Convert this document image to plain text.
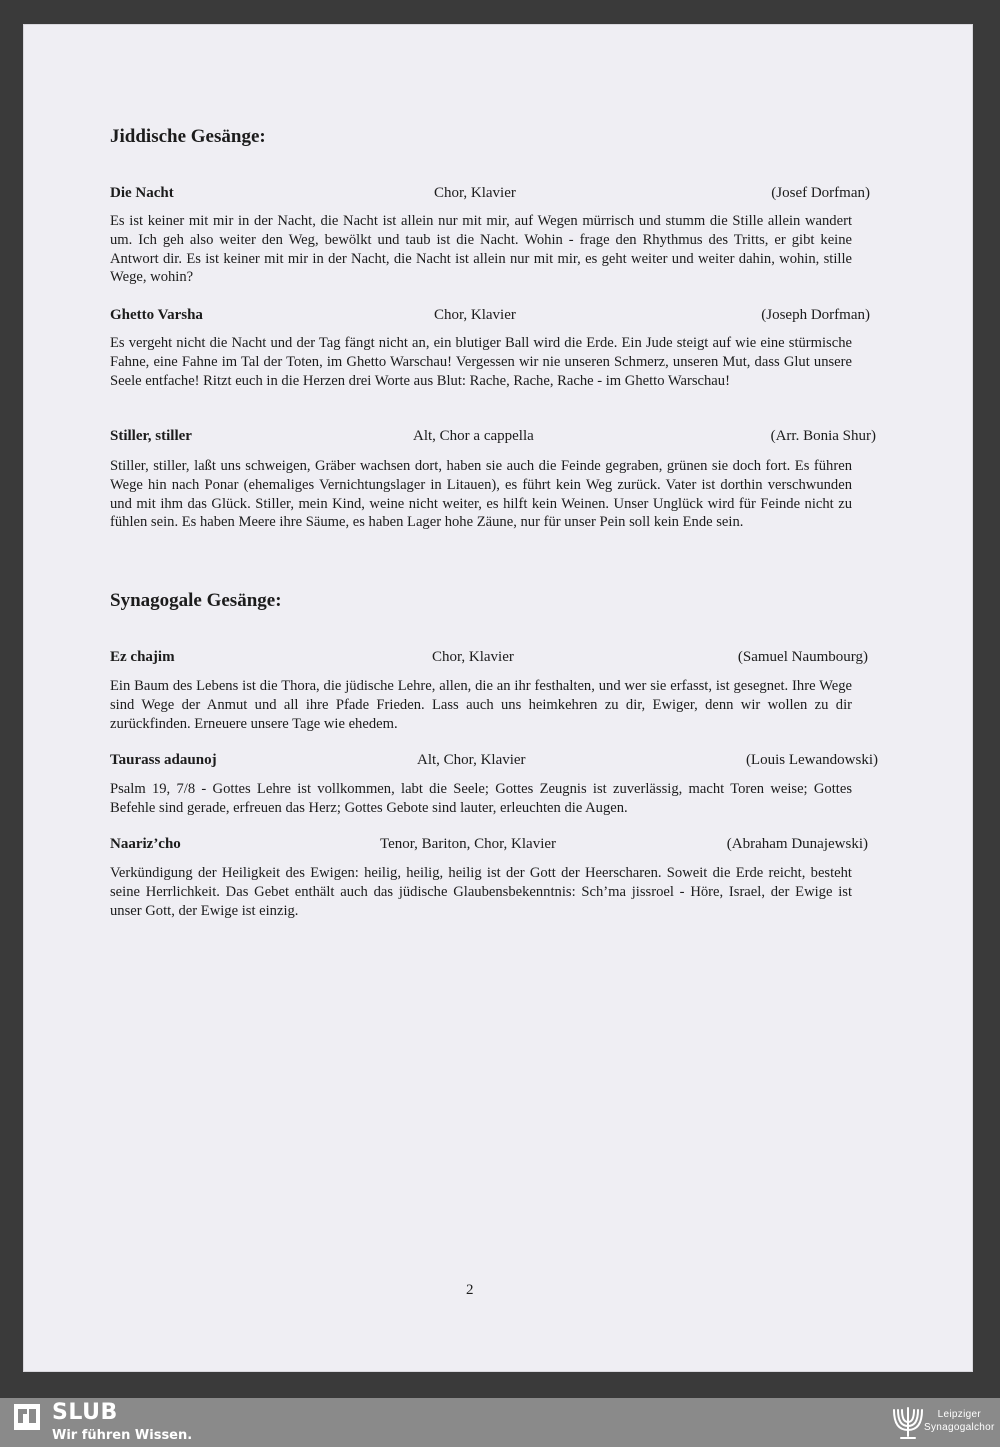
Jiddische Gesänge:
Die Nacht	Chor, Klavier	(Josef Dorfman)

Es ist keiner mit mir in der Nacht, die Nacht ist allein nur mit mir, auf Wegen mürrisch und stumm die Stille allein wandert um. Ich geh also weiter den Weg, bewölkt und taub ist die Nacht. Wohin - frage den Rhythmus des Tritts, er gibt keine Antwort dir. Es ist keiner mit mir in der Nacht, die Nacht ist allein nur mit mir, es geht weiter und weiter dahin, wohin, stille Wege, wohin?

Ghetto Varsha	Chor, Klavier	(Joseph Dorfman)

Es vergeht nicht die Nacht und der Tag fängt nicht an, ein blutiger Ball wird die Erde. Ein Jude steigt auf wie eine stürmische Fahne, eine Fahne im Tal der Toten, im Ghetto Warschau! Vergessen wir nie unseren Schmerz, unseren Mut, dass Glut unsere Seele entfache! Ritzt euch in die Herzen drei Worte aus Blut: Rache, Rache, Rache - im Ghetto Warschau!

Stiller, stiller	Alt, Chor a cappella	(Arr. Bonia Shur)

Stiller, stiller, laßt uns schweigen, Gräber wachsen dort, haben sie auch die Feinde gegraben, grünen sie doch fort. Es führen Wege hin nach Ponar (ehemaliges Vernichtungslager in Litauen), es führt kein Weg zurück. Vater ist dorthin verschwunden und mit ihm das Glück. Stiller, mein Kind, weine nicht weiter, es hilft kein Weinen. Unser Unglück wird für Feinde nicht zu fühlen sein. Es haben Meere ihre Säume, es haben Lager hohe Zäune, nur für unser Pein soll kein Ende sein.

Synagogale Gesänge:
Ez chajim	Chor, Klavier	(Samuel Naumbourg)

Ein Baum des Lebens ist die Thora, die jüdische Lehre, allen, die an ihr festhalten, und wer sie erfasst, ist gesegnet. Ihre Wege sind Wege der Anmut und all ihre Pfade Frieden. Lass auch uns heimkehren zu dir, Ewiger, denn wir wollen zu dir zurückfinden. Erneuere unsere Tage wie ehedem.

Taurass adaunoj	Alt, Chor, Klavier	(Louis Lewandowski)

Psalm 19, 7/8 - Gottes Lehre ist vollkommen, labt die Seele; Gottes Zeugnis ist zuverlässig, macht Toren weise; Gottes Befehle sind gerade, erfreuen das Herz; Gottes Gebote sind lauter, erleuchten die Augen.

Naariz’cho	Tenor, Bariton, Chor, Klavier	(Abraham Dunajewski)

Verkündigung der Heiligkeit des Ewigen: heilig, heilig, heilig ist der Gott der Heerscharen. Soweit die Erde reicht, besteht seine Herrlichkeit. Das Gebet enthält auch das jüdische Glaubensbekenntnis: Sch’ma jissroel - Höre, Israel, der Ewige ist unser Gott, der Ewige ist einzig.

2
SLUB
Wir führen Wissen.
Leipziger
Synagogalchor
